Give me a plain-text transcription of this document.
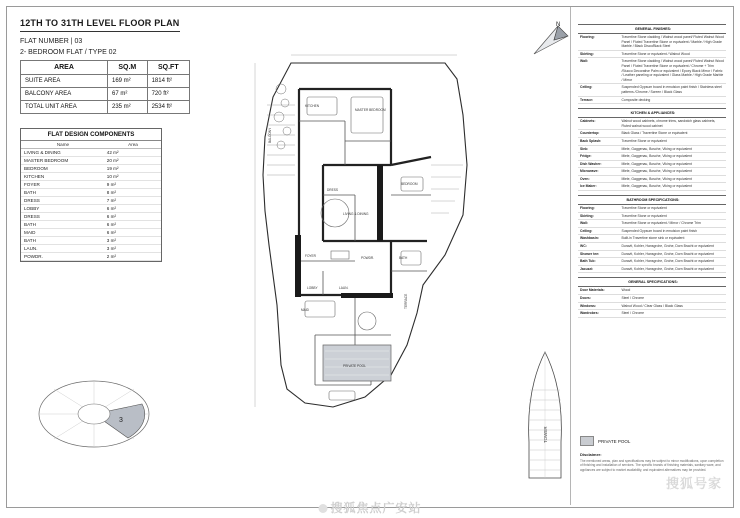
12TH TO 31TH LEVEL FLOOR PLAN
FLAT NUMBER | 03
2- BEDROOM FLAT / TYPE 02
AREA	SQ.M	SQ.FT
SUITE AREA	169 m²	1814 ft²
BALCONY AREA	67 m²	720 ft²
TOTAL UNIT AREA	235 m²	2534 ft²
FLAT DESIGN COMPONENTS
Name	Area
LIVING & DINING	42 m²
MASTER BEDROOM	20 m²
BEDROOM	19 m²
KITCHEN	10 m²
FOYER	9 m²
BATH	8 m²
DRESS	7 m²
LOBBY	6 m²
DRESS	6 m²
BATH	6 m²
MAID	6 m²
BATH	3 m²
LAUN.	3 m²
POWDR.	2 m²
3
N
BALCONY
LIVING & DINING
MASTER BEDROOM
BEDROOM
KITCHEN
FOYER
DRESS
BATH
LOBBY
MAID
LAUN.
POWDR.
PRIVATE POOL
TERRACE
TOWER
GENERAL FINISHES:
Flooring:	Travertine Stone cladding / Walnut wood panel/ Fluted Walnut Wood Panel / Fluted Travertine Stone or equivalent / Marble / High Grade Marble / Black Disco/Black Steel
Skirting:	Travertine Stone or equivalent / Walnut Wood
Wall:	Travertine Stone cladding / Walnut wood panel/ Fluted Walnut Wood Panel / Fluted Travertine Stone or equivalent / Chrome + Trim /Stucco Decorative Palm or equivalent / Epoxy Black Mirror / Fabric / Leather paneling or equivalent / Glass Marble / High Grade Marble / Mirror
Ceiling:	Suspended Gypsum board in emulsion paint finish / Stainless steel patterns /Chrome / Screen / Black Glass
Terrace:	Composite decking
KITCHEN & APPLIANCES:
Cabinets:	Walnut wood cabinets, chrome trims, sandwich glass cabinets, Fluted walnut wood cabinet
Countertop:	Black Glass / Travertine Stone or equivalent
Back Splash:	Travertine Stone or equivalent
Sink:	Miele, Gaggenau, Bosche, Viking or equivalent
Fridge:	Miele, Gaggenau, Bosche, Viking or equivalent
Dish Washer:	Miele, Gaggenau, Bosche, Viking or equivalent
Microwave:	Miele, Gaggenau, Bosche, Viking or equivalent
Oven:	Miele, Gaggenau, Bosche, Viking or equivalent
Ice Maker:	Miele, Gaggenau, Bosche, Viking or equivalent
BATHROOM SPECIFICATIONS:
Flooring:	Travertine Stone or equivalent
Skirting:	Travertine Stone or equivalent
Wall:	Travertine Stone or equivalent / Mirror / Chrome Trim
Ceiling:	Suspended Gypsum board in emulsion paint finish
Washbasin:	Built-in Travertine stone sink or equivalent
WC:	Duravit, Kohler, Hansgrohe, Grohe, Dorn Bracht or equivalent
Shower tee:	Duravit, Kohler, Hansgrohe, Grohe, Dorn Bracht or equivalent
Bath Tub:	Duravit, Kohler, Hansgrohe, Grohe, Dorn Bracht or equivalent
Jacuzzi:	Duravit, Kohler, Hansgrohe, Grohe, Dorn Bracht or equivalent
GENERAL SPECIFICATIONS:
Door Materials:	Wood
Doors:	Steel / Chrome
Windows:	Walnut Wood / Clear Glass / Black Glass
Wardrobes:	Steel / Chrome
PRIVATE POOL
Disclaimer:
The mentioned areas, plan and specifications may be subject to minor modifications, upon completion of finishing and installation of services. The specific brands of finishing materials, sanitary ware, and appliances are subject to market availability, and equivalent alternatives may be provided.
搜狐号家
搜狐焦点广安站
